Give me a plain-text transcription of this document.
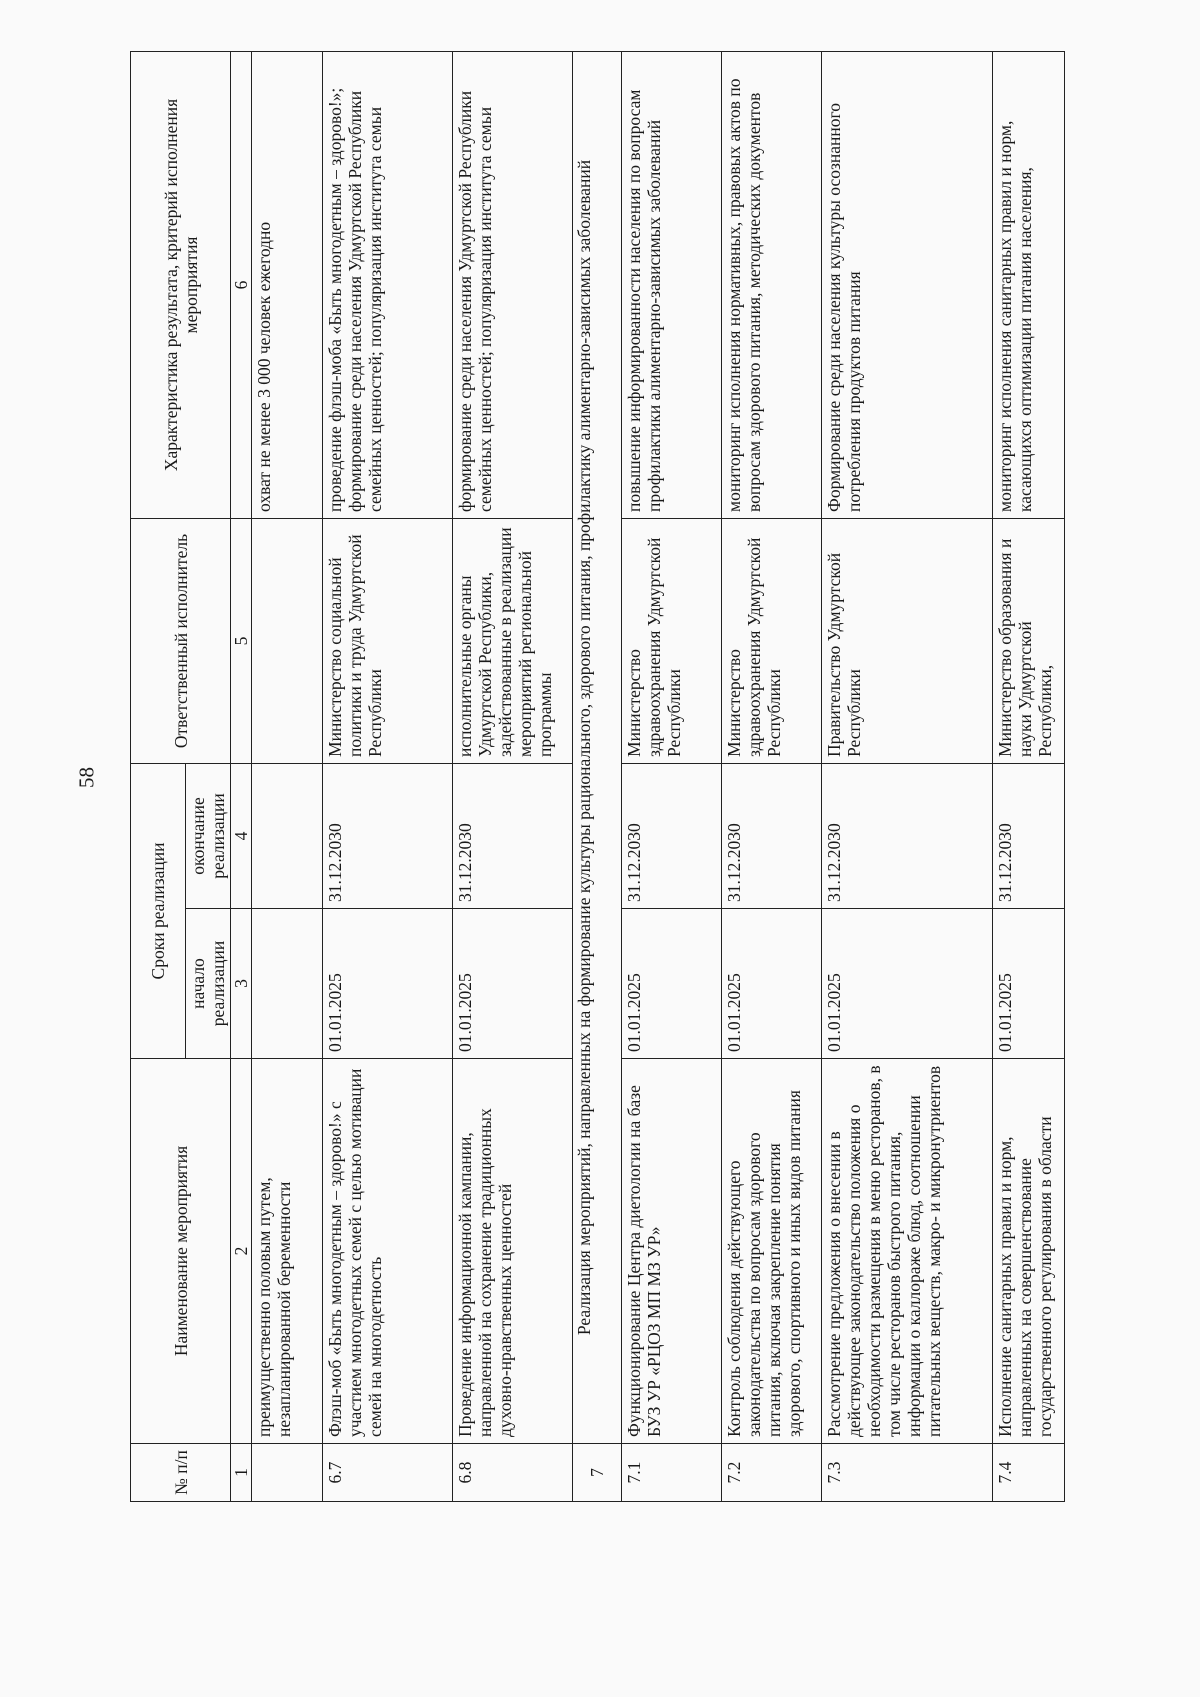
58
№ п/п	Наименование мероприятия	Сроки реализации		Ответственный исполнитель	Характеристика результата, критерий исполнения мероприятия
		начало реализации	окончание реализации		
1	2	3	4	5	6
	преимущественно половым путем, незапланированной беременности				охват не менее 3 000 человек ежегодно
6.7	Флэш-моб «Быть многодетным – здорово!» с участием многодетных семей с целью мотивации семей на многодетность	01.01.2025	31.12.2030	Министерство социальной политики и труда Удмуртской Республики	проведение флэш-моба «Быть многодетным – здорово!»; формирование среди населения Удмуртской Республики семейных ценностей; популяризация института семьи
6.8	Проведение информационной кампании, направленной на сохранение традиционных духовно-нравственных ценностей	01.01.2025	31.12.2030	исполнительные органы Удмуртской Республики, задействованные в реализации мероприятий региональной программы	формирование среди населения Удмуртской Республики семейных ценностей; популяризация института семьи
7	Реализация мероприятий, направленных на формирование культуры рационального, здорового питания, профилактику алиментарно-зависимых заболеваний				
7.1	Функционирование Центра диетологии на базе БУЗ УР «РЦОЗ МП МЗ УР»	01.01.2025	31.12.2030	Министерство здравоохранения Удмуртской Республики	повышение информированности населения по вопросам профилактики алиментарно-зависимых заболеваний
7.2	Контроль соблюдения действующего законодательства по вопросам здорового питания, включая закрепление понятия здорового, спортивного и иных видов питания	01.01.2025	31.12.2030	Министерство здравоохранения Удмуртской Республики	мониторинг исполнения нормативных, правовых актов по вопросам здорового питания, методических документов
7.3	Рассмотрение предложения о внесении в действующее законодательство положения о необходимости размещения в меню ресторанов, в том числе ресторанов быстрого питания, информации о каллораже блюд, соотношении питательных веществ, макро- и микронутриентов	01.01.2025	31.12.2030	Правительство Удмуртской Республики	Формирование среди населения культуры осознанного потребления продуктов питания
7.4	Исполнение санитарных правил и норм, направленных на совершенствование государственного регулирования в области	01.01.2025	31.12.2030	Министерство образования и науки Удмуртской Республики,	мониторинг исполнения санитарных правил и норм, касающихся оптимизации питания населения,
